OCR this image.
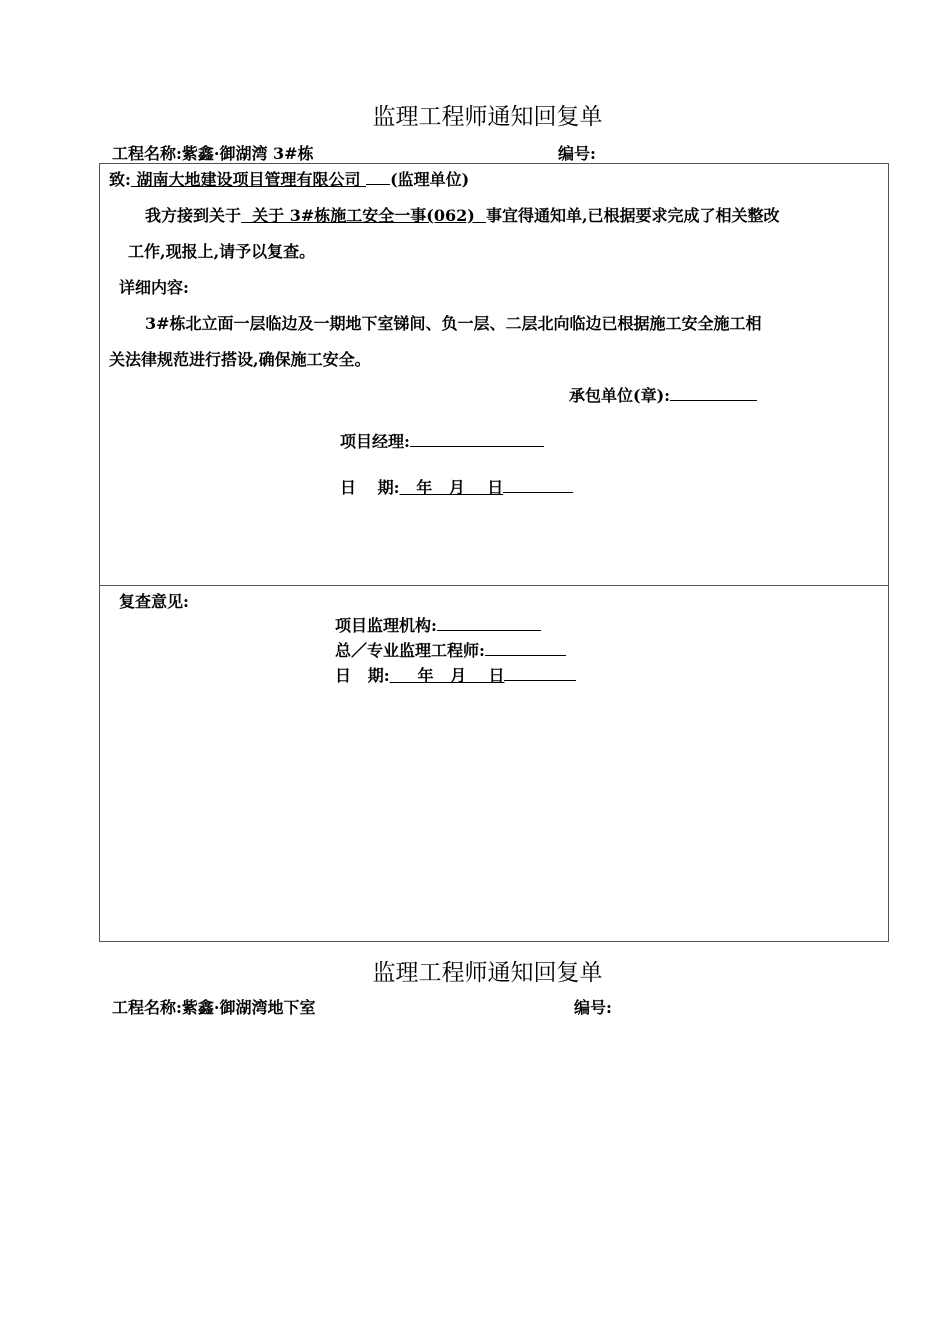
监理工程师通知回复单
工程名称:紫鑫·御湖湾 3#栋	编号:
致: 湖南大地建设项目管理有限公司 (监理单位)
我方接到关于  关于 3#栋施工安全一事(062)  事宜得通知单,已根据要求完成了相关整改
工作,现报上,请予以复查。
详细内容:
3#栋北立面一层临边及一期地下室锑间、负一层、二层北向临边已根据施工安全施工相
关法律规范进行搭设,确保施工安全。
承包单位(章):
项目经理:
日　 期:   年   月    日
复查意见:
项目监理机构:
总／专业监理工程师:
日   期:     年   月    日
监理工程师通知回复单
工程名称:紫鑫·御湖湾地下室	编号:
